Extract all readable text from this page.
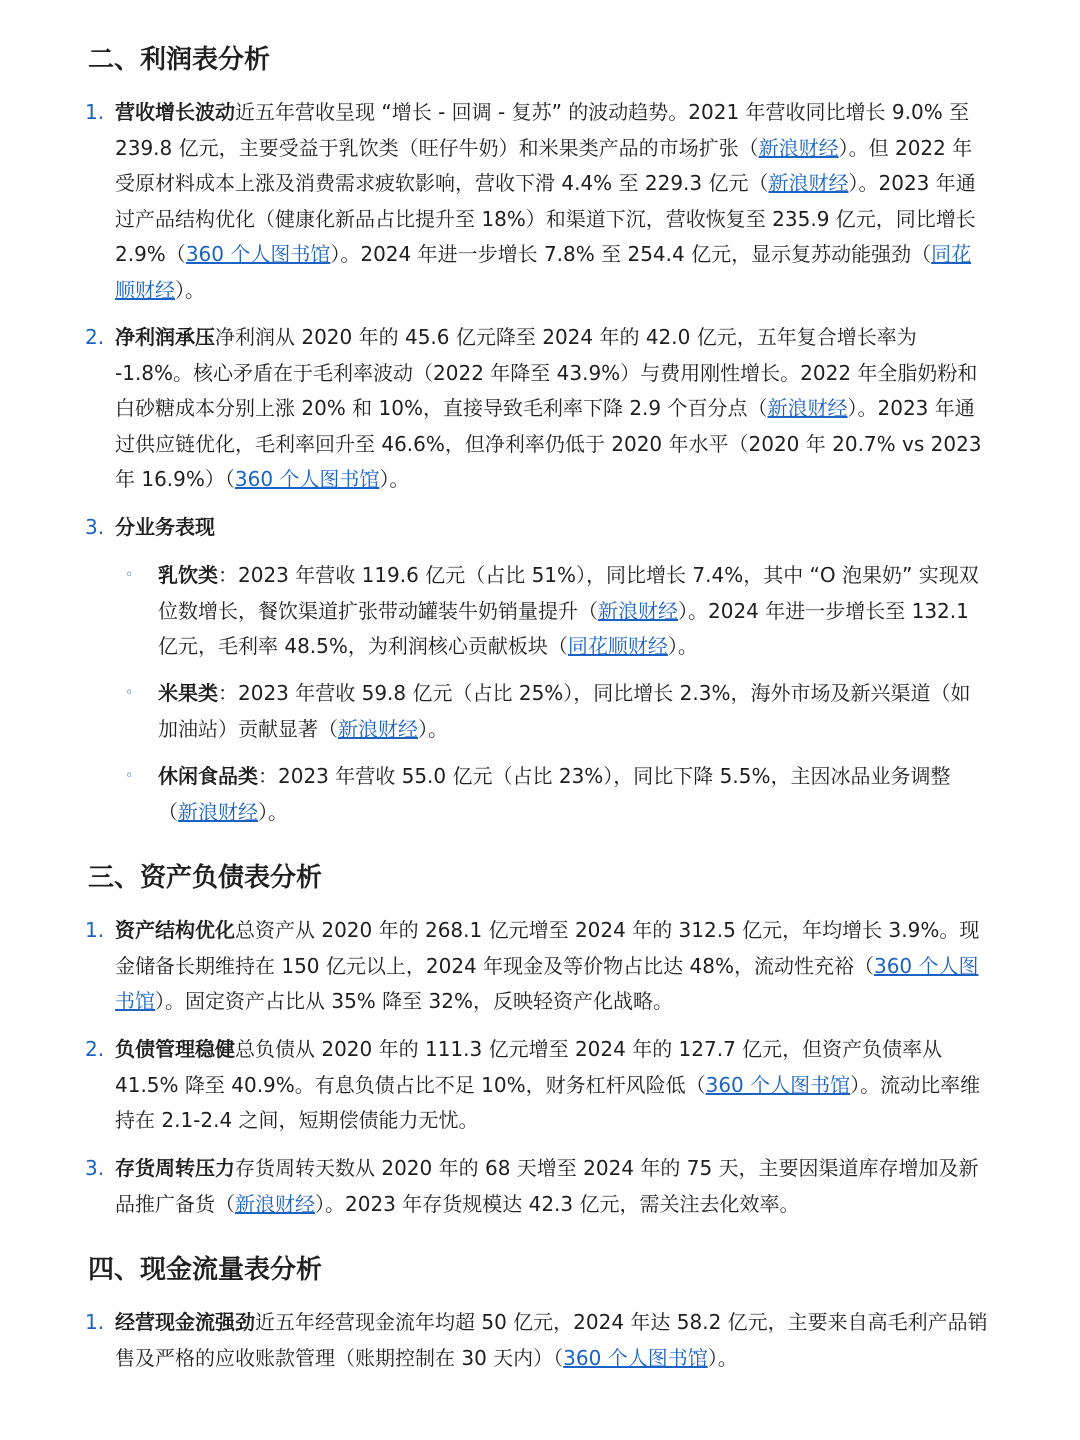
二、利润表分析
1. 营收增长波动近五年营收呈现 “增长 - 回调 - 复苏” 的波动趋势。2021 年营收同比增长 9.0% 至 239.8 亿元，主要受益于乳饮类（旺仔牛奶）和米果类产品的市场扩张（新浪财经）。但 2022 年受原材料成本上涨及消费需求疲软影响，营收下滑 4.4% 至 229.3 亿元（新浪财经）。2023 年通过产品结构优化（健康化新品占比提升至 18%）和渠道下沉，营收恢复至 235.9 亿元，同比增长 2.9%（360 个人图书馆）。2024 年进一步增长 7.8% 至 254.4 亿元，显示复苏动能强劲（同花顺财经）。
2. 净利润承压净利润从 2020 年的 45.6 亿元降至 2024 年的 42.0 亿元，五年复合增长率为 -1.8%。核心矛盾在于毛利率波动（2022 年降至 43.9%）与费用刚性增长。2022 年全脂奶粉和白砂糖成本分别上涨 20% 和 10%，直接导致毛利率下降 2.9 个百分点（新浪财经）。2023 年通过供应链优化，毛利率回升至 46.6%，但净利率仍低于 2020 年水平（2020 年 20.7% vs 2023 年 16.9%）（360 个人图书馆）。
3. 分业务表现
◦ 乳饮类：2023 年营收 119.6 亿元（占比 51%），同比增长 7.4%，其中 “O 泡果奶” 实现双位数增长，餐饮渠道扩张带动罐装牛奶销量提升（新浪财经）。2024 年进一步增长至 132.1 亿元，毛利率 48.5%，为利润核心贡献板块（同花顺财经）。
◦ 米果类：2023 年营收 59.8 亿元（占比 25%），同比增长 2.3%，海外市场及新兴渠道（如加油站）贡献显著（新浪财经）。
◦ 休闲食品类：2023 年营收 55.0 亿元（占比 23%），同比下降 5.5%，主因冰品业务调整（新浪财经）。
三、资产负债表分析
1. 资产结构优化总资产从 2020 年的 268.1 亿元增至 2024 年的 312.5 亿元，年均增长 3.9%。现金储备长期维持在 150 亿元以上，2024 年现金及等价物占比达 48%，流动性充裕（360 个人图书馆）。固定资产占比从 35% 降至 32%，反映轻资产化战略。
2. 负债管理稳健总负债从 2020 年的 111.3 亿元增至 2024 年的 127.7 亿元，但资产负债率从 41.5% 降至 40.9%。有息负债占比不足 10%，财务杠杆风险低（360 个人图书馆）。流动比率维持在 2.1-2.4 之间，短期偿债能力无忧。
3. 存货周转压力存货周转天数从 2020 年的 68 天增至 2024 年的 75 天，主要因渠道库存增加及新品推广备货（新浪财经）。2023 年存货规模达 42.3 亿元，需关注去化效率。
四、现金流量表分析
1. 经营现金流强劲近五年经营现金流年均超 50 亿元，2024 年达 58.2 亿元，主要来自高毛利产品销售及严格的应收账款管理（账期控制在 30 天内）（360 个人图书馆）。
